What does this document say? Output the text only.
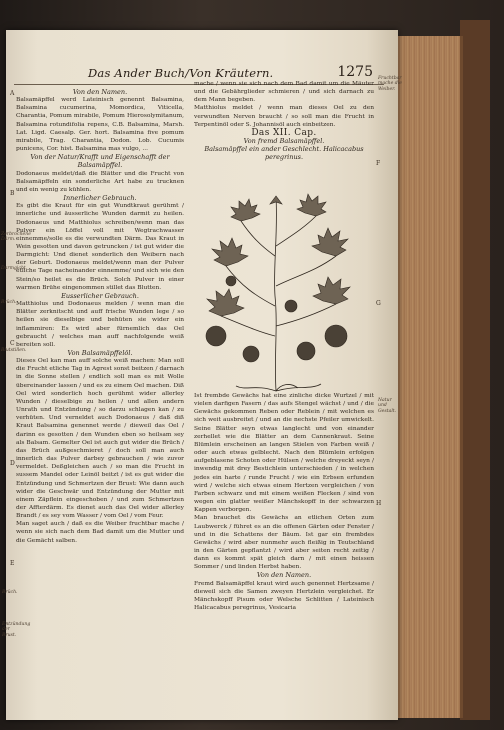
Das Ander Buch/Von Kräutern.	1275

Von den Namen.

Balsamäpffel werd Lateinisch genennt Balsamina, Balsamina cucumerina, Momordica, Viticella, Charantia, Pomum mirabile, Pomum Hierosolymitanum, Balsamina rotundifolia repens, C.B. Balsamina, Marsh. Lat. Ligd. Caesalp. Ger. hort. Balsamina five pomum mirabile, Trag. Charantia, Dodon. Lob. Cucumis punicens, Cor. hist. Balsamina mas vulgo, ...

Von der Natur/Krafft und Eigenschafft der Balsamäpffel.

Dodonaeus meldet/daß die Blätter und die Frucht von Balsamäpffeln ein sonderliche Art habe zu trucknen und ein wenig zu kühlen.

Innerlicher Gebrauch.

Es gibt die Kraut für ein gut Wundtkraut gerühmt / innerliche und äusserliche Wunden darmit zu heilen. Dodonaeus und Matthiolus schreiben/wenn man das Pulver ein Löffel voll mit Wegtrachwasser einnemme/solle es die verwundten Därm. Das Kraut in Wein gesotten und davon getruncken / ist gut wider die Darmgicht: Und dienet sonderlich den Weibern nach der Geburt. Dodonaeus meldet/wenn man der Pulver etliche Tage nacheinander einnemme/ und sich wie den Stein/so heilet es die Brüch. Solch Pulver in einer warmen Brühe eingenommen stillet das Blutten.

Eusserlicher Gebrauch.

Matthiolus und Dodonaeus melden / wenn man die Blätter zerknitscht und auff frische Wunden lege / so heilen sie dieselbige und behüten sie wider ein inflammiren: Es wird aber fürnemlich das Oel gebraucht / welches man auff nachfolgende weiß bereiten soll.

Von Balsamäpffelöl.

Dieses Oel kan man auff solche weiß machen: Man soll die Frucht etliche Tag in Agrest sonst beitzen / darnach in die Sonne stellen / endlich soll man es mit Wolle übereinander lassen / und es zu einem Oel machen. Diß Oel wird sonderlich hoch gerühmt wider allerley Wunden / dieselbige zu heilen / und allen andern Unrath und Entzündung / so darzu schlagen kan / zu verhüten. Und verneldet auch Dodonaeus / daß diß Kraut Balsamina genennet werde / dieweil das Oel / darinn es gesotten / den Wunden eben so heilsam sey als Balsam. Gemelter Oel ist auch gut wider die Brüch / das Brüch außgeschmieret / doch soll man auch innerlich das Pulver darbey gebrauchen / wie zuvor vermeldet. Deßgleichen auch / so man die Frucht in sussem Mandel oder Leinöl beitzt / ist es gut wider die Entzündung und Schmertzen der Brust: Wie dann auch wider die Geschwär und Entzündung der Mutter mit einem Zäpflein eingeschoben / und zum Schmertzen der Affterdärm. Es dienet auch das Oel wider allerley Brandt / es sey vom Wasser / vom Oel / vom Feur.

Man saget auch / daß es die Weiber fruchtbar mache / wenn sie sich nach dem Bad damit um die Mutter und die Gemächt salben.

mache / wenn sie sich nach dem Bad damit um die Mäuter und die Gebährglieder schmieren / und sich darnach zu dem Mann begeben.

Matthiolus meldet / wenn man dieses Oel zu den verwundten Nerven braucht / so soll man die Frucht in Terpentinöl oder S. Johannisöl auch einbeitzen.

Das XII. Cap.

Von fremd Balsamäpffel.

Balsamäpffel ein ander Geschlecht. Halicacabus peregrinus.

Ist frembde Gewächs hat eine zinliche dicke Wurtzel / mit vielen darfigen Fasern / das aufs Stengel wächst / und / die Gewächs gekommen Reben oder Reblein / mit welchen es sich weit ausbreitet / und an die nechste Pfeiler umwickelt. Seine Blätter seyn etwas langlecht und von einander zerhellet wie die Blätter an dem Cannenkraut. Seine Blümlein erscheinen an langen Stielen von Farben weiß / oder auch etwas gelblecht. Nach den Blümlein erfolgen aufgeblasene Schoten oder Hülsen / welche dreyeckt seyn / inwendig mit drey Bestichlein unterschieden / in welchen jedes ein harte / runde Frucht / wie ein Erbsen erfunden wird / welche sich etwas einem Hertzen vergleichen / von Farben schwarz und mit einem weißen Flecken / sind von wegen ein glatter weißer Mänchskopff in der schwarzen Kappen verborgen.

Man brauchet dis Gewächs an etlichen Orten zum Laubwerck / führet es an die offenen Gärten oder Fenster / und in die Schattens der Bäum. Ist gar ein frembdes Gewächs / wird aber nunmehr auch fleißig in Teutschland in den Gärten gepflantzt / wird aber seiten recht zeitig / dann es kommt spät gleich darn / mit einen heissen Sommer / und linden Herbst haben.

Von den Namen.

Fremd Balsamäpffel kraut wird auch genennet Hertzsame / dieweil sich die Samen zweyen Hertzlein vergleichet. Er Mänchskopff Pisum oder Welsche Schlitten / Lateinisch Halicacabus peregrinus, Vesicaria

Zerbrochene Därm.
Darmgicht.
Brüch.
Blutstillen.
Brüch.
Entzündung der Brust.
Fruchtbar mache die Weiber.
Natur und Gestalt.
A
B
C
D
E
F
G
H
